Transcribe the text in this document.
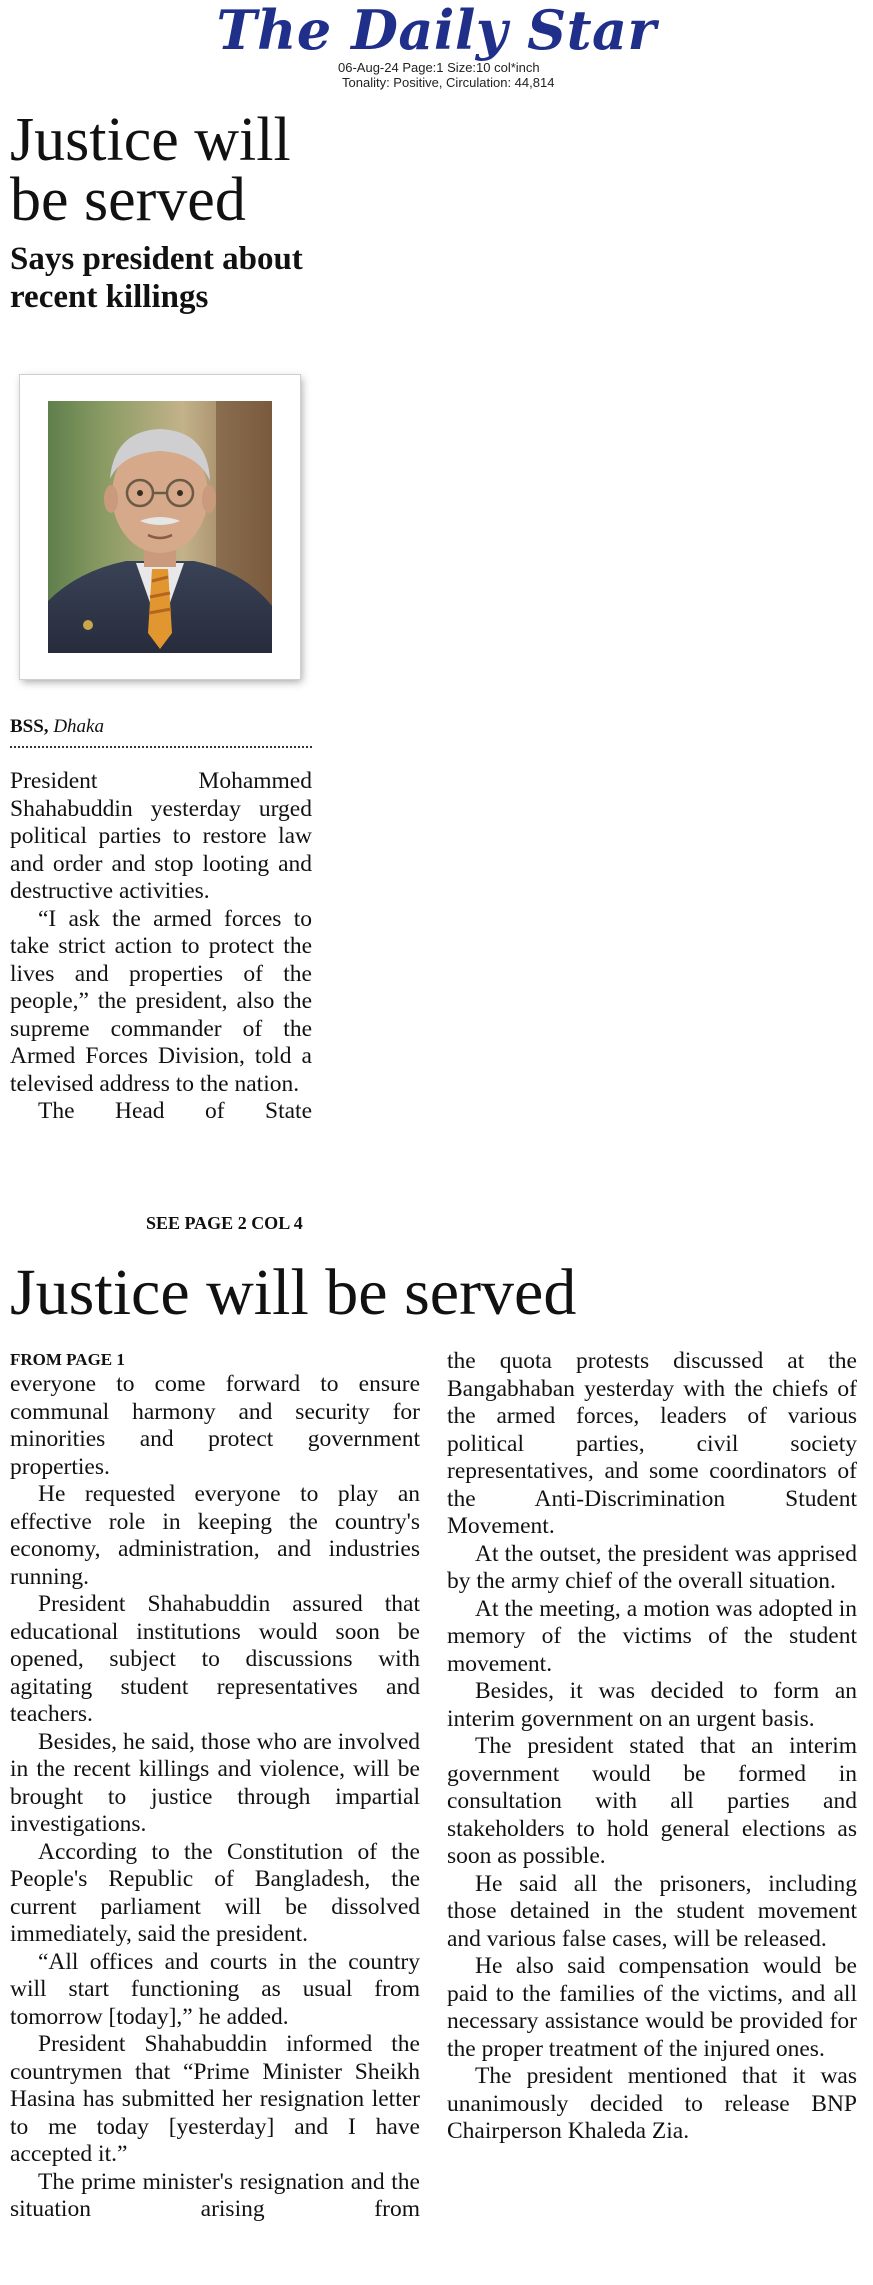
The Daily Star
06-Aug-24 Page:1 Size:10 col*inch
Tonality: Positive, Circulation: 44,814
Justice will be served
Says president about recent killings
BSS, Dhaka

President Mohammed Shahabuddin yesterday urged political parties to restore law and order and stop looting and destructive activities.

“I ask the armed forces to take strict action to protect the lives and properties of the people,” the president, also the supreme commander of the Armed Forces Division, told a televised address to the nation.

The Head of State

SEE PAGE 2 COL 4
Justice will be served
FROM PAGE 1

everyone to come forward to ensure communal harmony and security for minorities and protect government properties.

He requested everyone to play an effective role in keeping the country's economy, administration, and industries running.

President Shahabuddin assured that educational institutions would soon be opened, subject to discussions with agitating student representatives and teachers.

Besides, he said, those who are involved in the recent killings and violence, will be brought to justice through impartial investigations.

According to the Constitution of the People's Republic of Bangladesh, the current parliament will be dissolved immediately, said the president.

“All offices and courts in the country will start functioning as usual from tomorrow [today],” he added.

President Shahabuddin informed the countrymen that “Prime Minister Sheikh Hasina has submitted her resignation letter to me today [yesterday] and I have accepted it.”

The prime minister's resignation and the situation arising from

the quota protests discussed at the Bangabhaban yesterday with the chiefs of the armed forces, leaders of various political parties, civil society representatives, and some coordinators of the Anti-Discrimination Student Movement.

At the outset, the president was apprised by the army chief of the overall situation.

At the meeting, a motion was adopted in memory of the victims of the student movement.

Besides, it was decided to form an interim government on an urgent basis.

The president stated that an interim government would be formed in consultation with all parties and stakeholders to hold general elections as soon as possible.

He said all the prisoners, including those detained in the student movement and various false cases, will be released.

He also said compensation would be paid to the families of the victims, and all necessary assistance would be provided for the proper treatment of the injured ones.

The president mentioned that it was unanimously decided to release BNP Chairperson Khaleda Zia.
